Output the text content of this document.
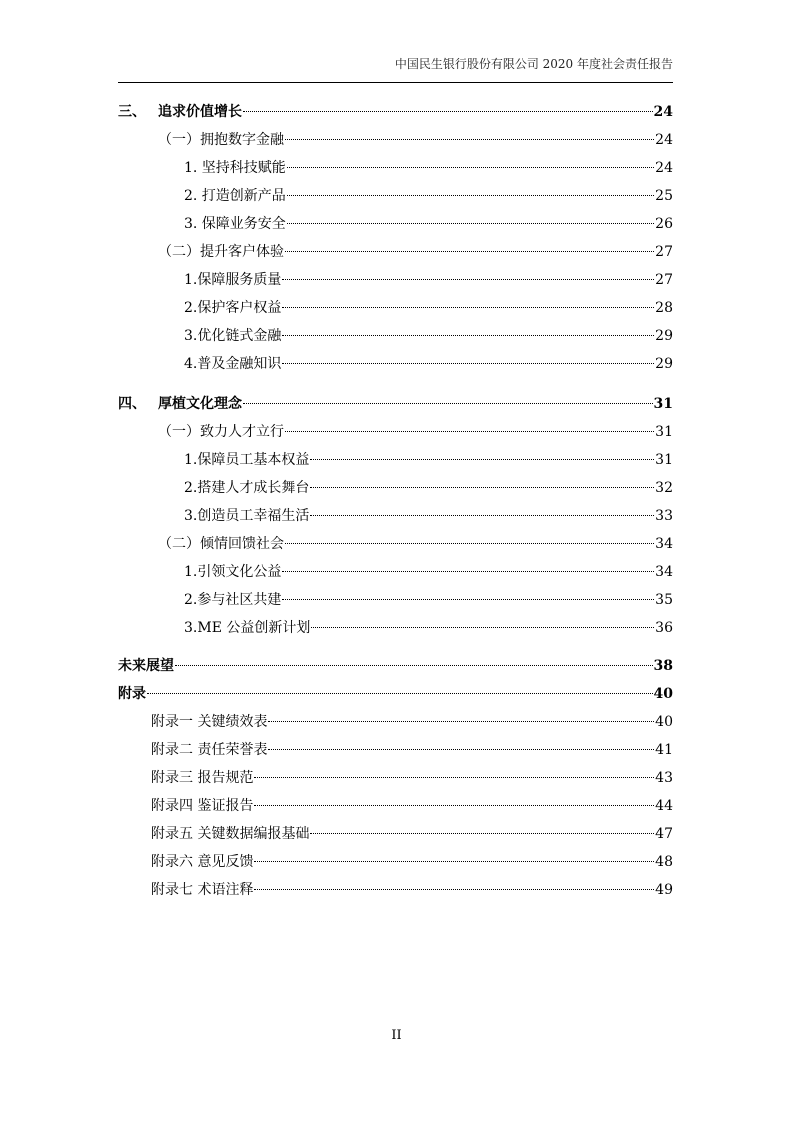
中国民生银行股份有限公司 2020 年度社会责任报告
三、 追求价值增长	24
（一）拥抱数字金融	24
1. 坚持科技赋能	24
2. 打造创新产品	25
3. 保障业务安全	26
（二）提升客户体验	27
1.保障服务质量	27
2.保护客户权益	28
3.优化链式金融	29
4.普及金融知识	29
四、 厚植文化理念	31
（一）致力人才立行	31
1.保障员工基本权益	31
2.搭建人才成长舞台	32
3.创造员工幸福生活	33
（二）倾情回馈社会	34
1.引领文化公益	34
2.参与社区共建	35
3.ME 公益创新计划	36
未来展望	38
附录	40
附录一 关键绩效表	40
附录二 责任荣誉表	41
附录三 报告规范	43
附录四 鉴证报告	44
附录五 关键数据编报基础	47
附录六 意见反馈	48
附录七 术语注释	49
II
